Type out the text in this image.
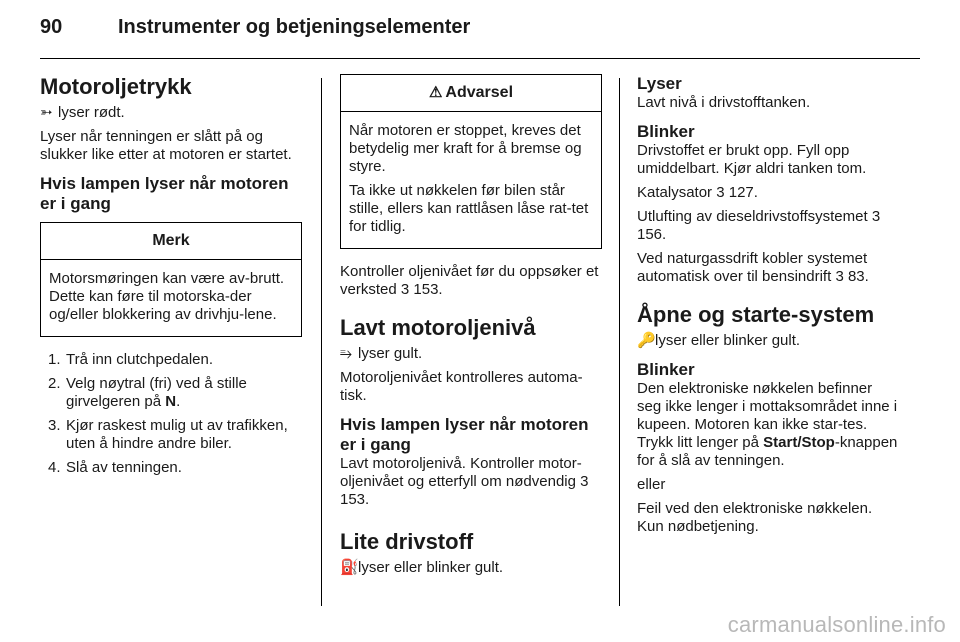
90	Instrumenter og betjeningselementer
Motoroljetrykk

➳ lyser rødt.

Lyser når tenningen er slått på og slukker like etter at motoren er startet.

Hvis lampen lyser når motoren er i gang
Merk

Motorsmøringen kan være av-brutt. Dette kan føre til motorska-der og/eller blokkering av drivhju-lene.

1. Trå inn clutchpedalen.
2. Velg nøytral (fri) ved å stille girvelgeren på N.
3. Kjør raskest mulig ut av trafikken, uten å hindre andre biler.
4. Slå av tenningen.
⚠ Advarsel

Når motoren er stoppet, kreves det betydelig mer kraft for å bremse og styre.

Ta ikke ut nøkkelen før bilen står stille, ellers kan rattlåsen låse rat-tet for tidlig.

Kontroller oljenivået før du oppsøker et verksted 3 153.

Lavt motoroljenivå

⥱ lyser gult.

Motoroljenivået kontrolleres automa-tisk.

Hvis lampen lyser når motoren er i gang

Lavt motoroljenivå. Kontroller motor-oljenivået og etterfyll om nødvendig 3 153.

Lite drivstoff

⛽lyser eller blinker gult.

Lyser

Lavt nivå i drivstofftanken.

Blinker

Drivstoffet er brukt opp. Fyll opp umiddelbart. Kjør aldri tanken tom.

Katalysator 3 127.

Utlufting av dieseldrivstoffsystemet 3 156.

Ved naturgassdrift kobler systemet automatisk over til bensindrift 3 83.

Åpne og starte-system

🔑lyser eller blinker gult.

Blinker

Den elektroniske nøkkelen befinner seg ikke lenger i mottaksområdet inne i kupeen. Motoren kan ikke star-tes. Trykk litt lenger på Start/Stop-knappen for å slå av tenningen.

eller

Feil ved den elektroniske nøkkelen. Kun nødbetjening.

carmanualsonline.info
